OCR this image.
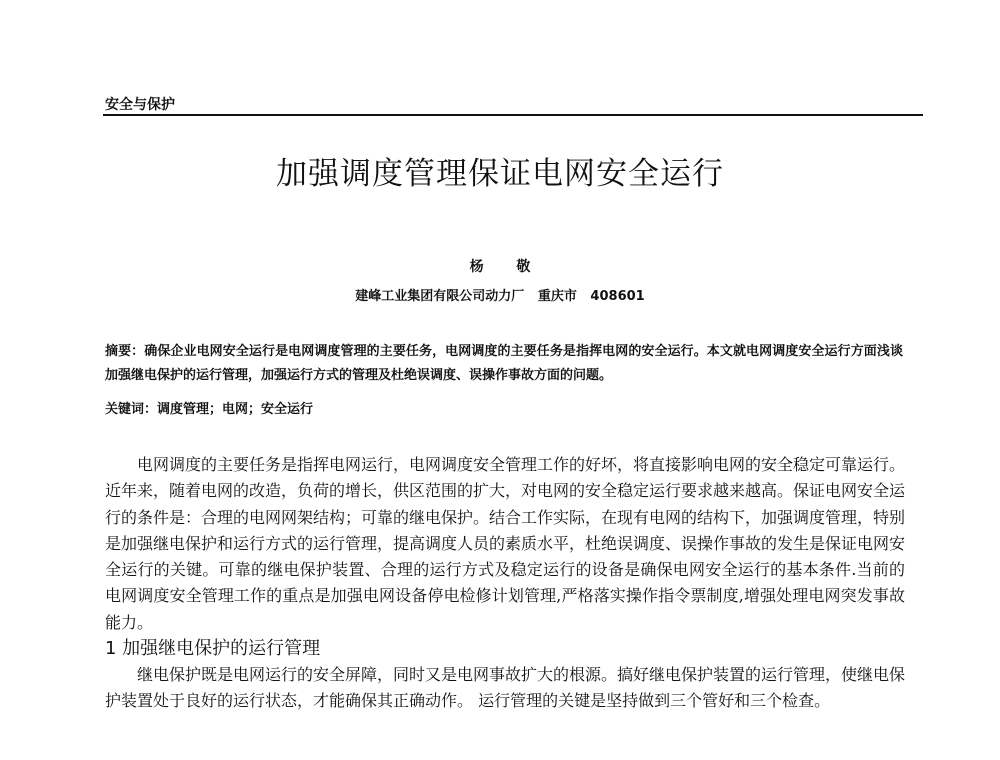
安全与保护
加强调度管理保证电网安全运行
杨 敬
建峰工业集团有限公司动力厂   重庆市   408601
摘要：确保企业电网安全运行是电网调度管理的主要任务，电网调度的主要任务是指挥电网的安全运行。本文就电网调度安全运行方面浅谈加强继电保护的运行管理，加强运行方式的管理及杜绝误调度、误操作事故方面的问题。
关键词：调度管理；电网；安全运行

电网调度的主要任务是指挥电网运行，电网调度安全管理工作的好坏，将直接影响电网的安全稳定可靠运行。近年来，随着电网的改造，负荷的增长，供区范围的扩大，对电网的安全稳定运行要求越来越高。保证电网安全运行的条件是：合理的电网网架结构；可靠的继电保护。结合工作实际，在现有电网的结构下，加强调度管理，特别是加强继电保护和运行方式的运行管理，提高调度人员的素质水平，杜绝误调度、误操作事故的发生是保证电网安全运行的关键。可靠的继电保护装置、合理的运行方式及稳定运行的设备是确保电网安全运行的基本条件.当前的电网调度安全管理工作的重点是加强电网设备停电检修计划管理,严格落实操作指令票制度,增强处理电网突发事故能力。

1 加强继电保护的运行管理

继电保护既是电网运行的安全屏障，同时又是电网事故扩大的根源。搞好继电保护装置的运行管理，使继电保护装置处于良好的运行状态，才能确保其正确动作。 运行管理的关键是坚持做到三个管好和三个检查。
